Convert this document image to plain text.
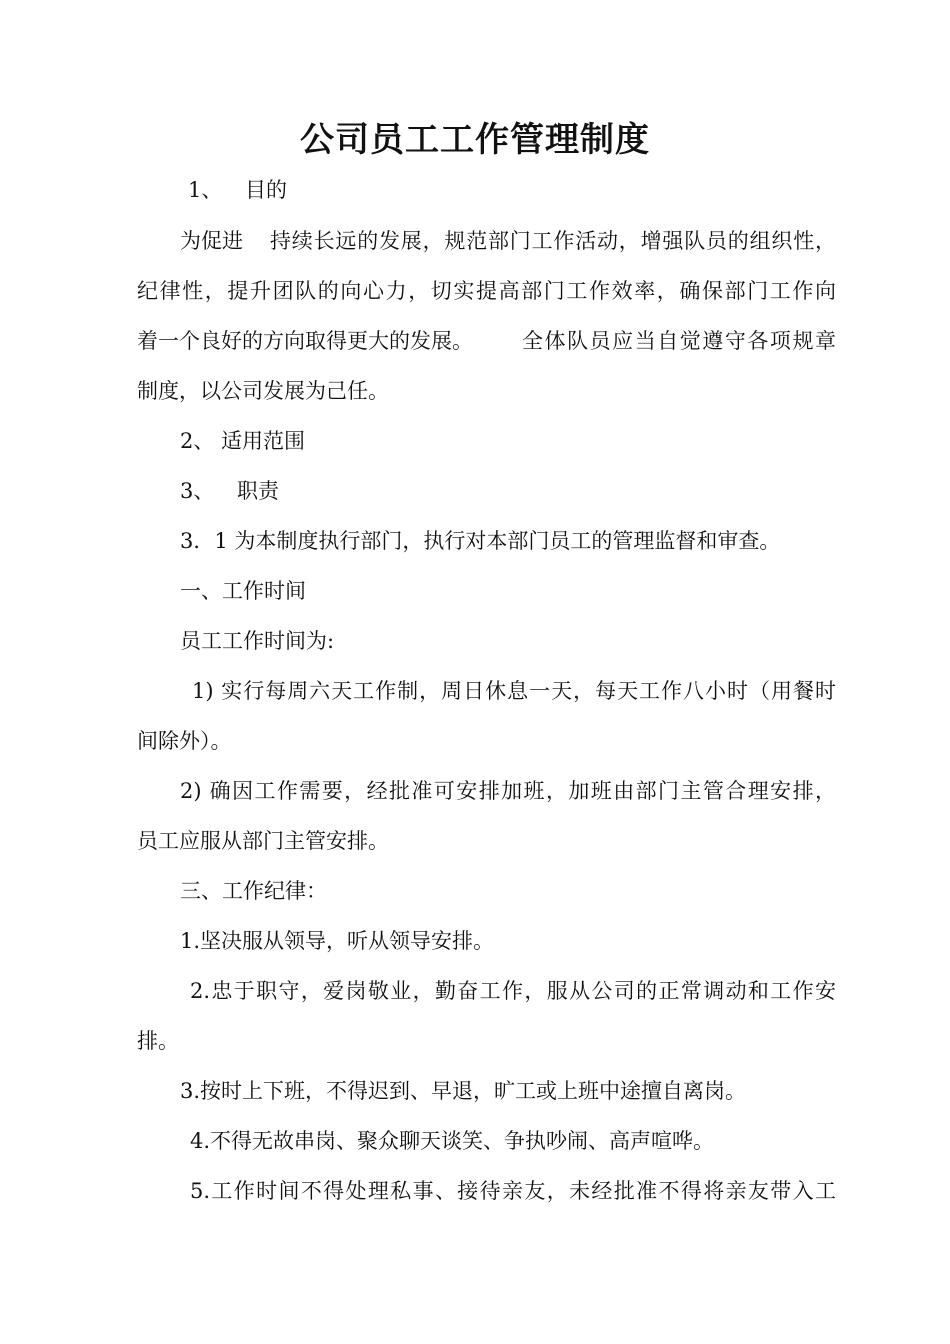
公司员工工作管理制度
1、 目的
为促进 持续长远的发展，规范部门工作活动，增强队员的组织性，
纪律性，提升团队的向心力，切实提高部门工作效率，确保部门工作向
着一个良好的方向取得更大的发展。 全体队员应当自觉遵守各项规章
制度，以公司发展为己任。
2、 适用范围
3、 职责
3．1 为本制度执行部门，执行对本部门员工的管理监督和审查。
一、工作时间
员工工作时间为:
1) 实行每周六天工作制，周日休息一天，每天工作八小时（用餐时
间除外）。
2) 确因工作需要，经批准可安排加班，加班由部门主管合理安排，
员工应服从部门主管安排。
三、工作纪律：
1.坚决服从领导，听从领导安排。
2.忠于职守，爱岗敬业，勤奋工作，服从公司的正常调动和工作安
排。
3.按时上下班，不得迟到、早退，旷工或上班中途擅自离岗。
4.不得无故串岗、聚众聊天谈笑、争执吵闹、高声喧哗。
5.工作时间不得处理私事、接待亲友，未经批准不得将亲友带入工
